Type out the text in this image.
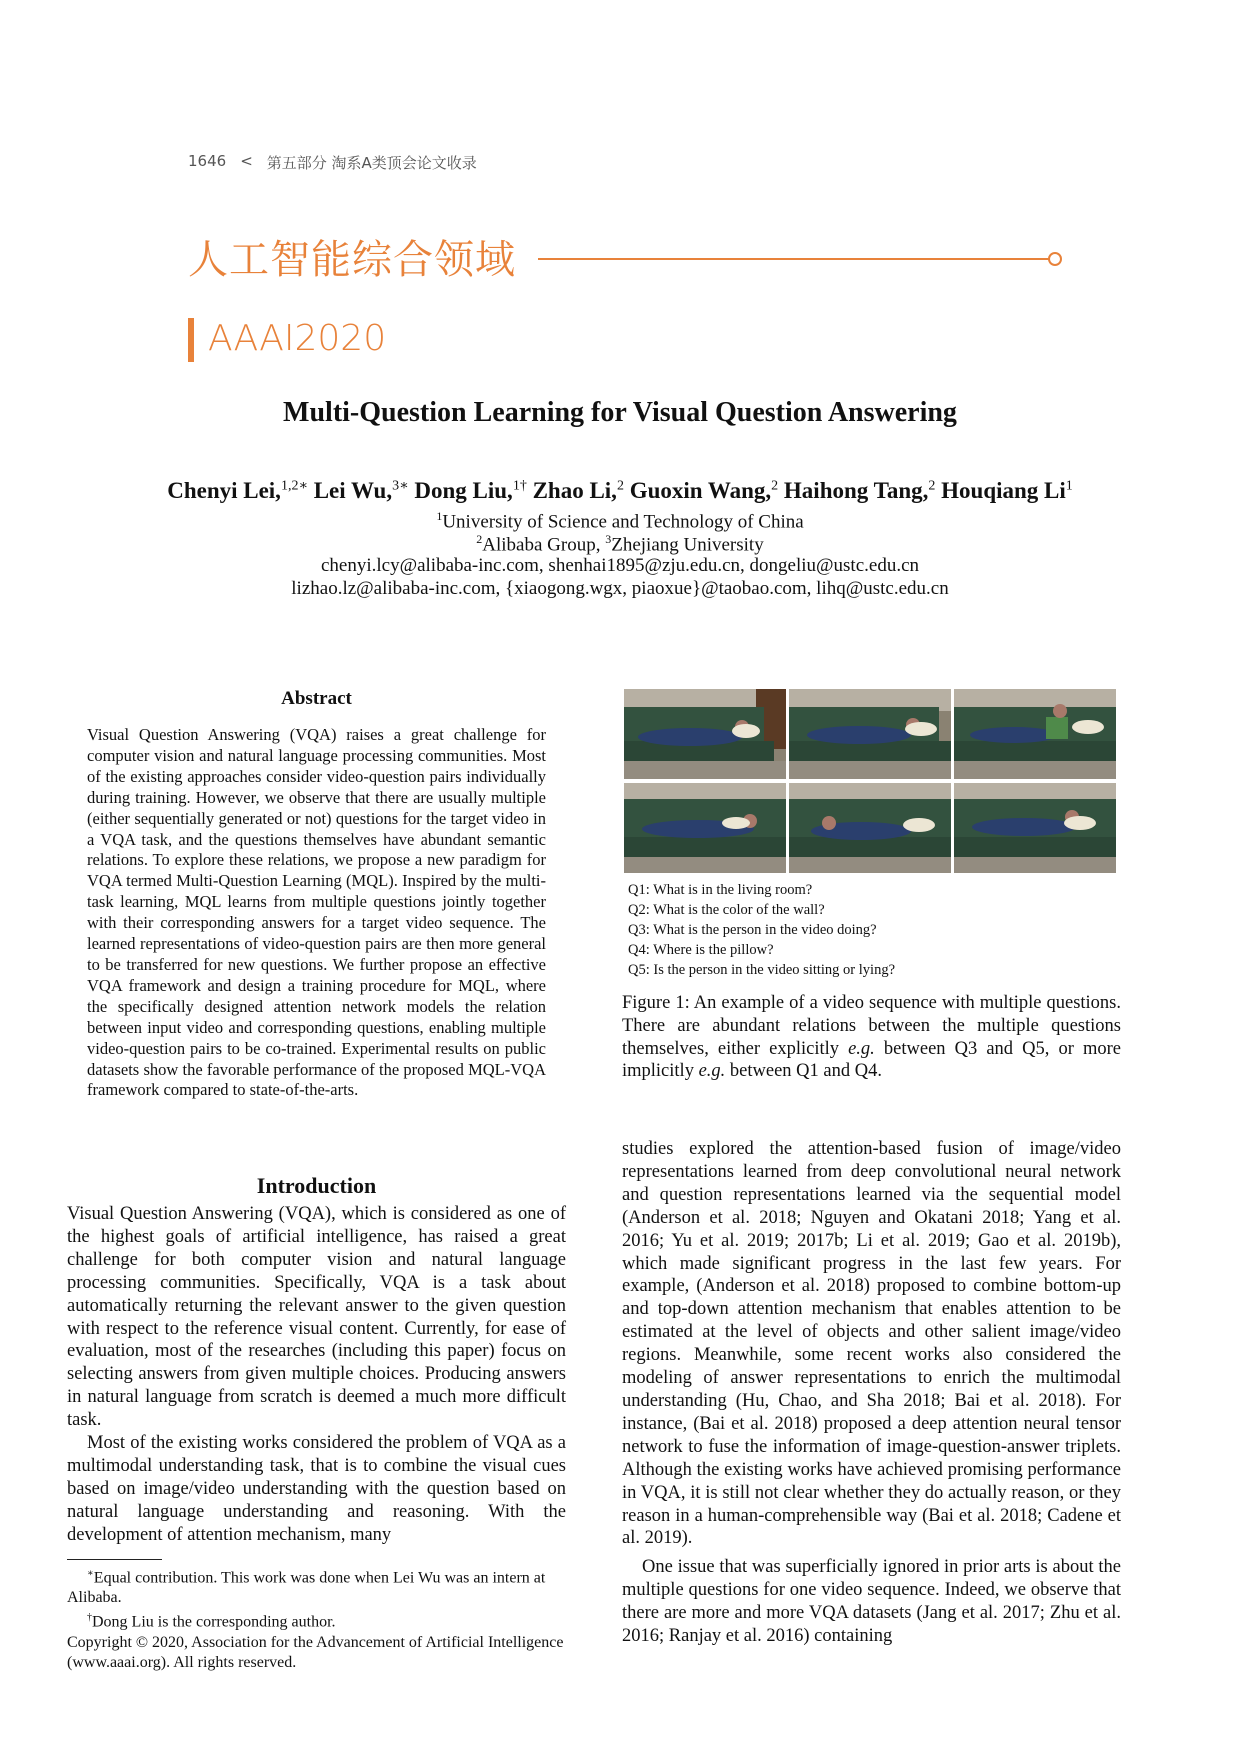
1646 < 第五部分 淘系A类顶会论文收录
人工智能综合领域
AAAI2020
Multi-Question Learning for Visual Question Answering
Chenyi Lei,$^{1,2∗}$ Lei Wu,$^{3∗}$ Dong Liu,$^{1\dagger}$ Zhao Li,$^2$ Guoxin Wang,$^2$ Haihong Tang,$^2$ Houqiang Li$^1$
$^1$University of Science and Technology of China
$^2$Alibaba Group, $^3$Zhejiang University
chenyi.lcy@alibaba-inc.com, shenhai1895@zju.edu.cn, dongeliu@ustc.edu.cn
lizhao.lz@alibaba-inc.com, {xiaogong.wgx, piaoxue}@taobao.com, lihq@ustc.edu.cn
Abstract
Visual Question Answering (VQA) raises a great challenge for computer vision and natural language processing communities. Most of the existing approaches consider video-question pairs individually during training. However, we observe that there are usually multiple (either sequentially generated or not) questions for the target video in a VQA task, and the questions themselves have abundant semantic relations. To explore these relations, we propose a new paradigm for VQA termed Multi-Question Learning (MQL). Inspired by the multi-task learning, MQL learns from multiple questions jointly together with their corresponding answers for a target video sequence. The learned representations of video-question pairs are then more general to be transferred for new questions. We further propose an effective VQA framework and design a training procedure for MQL, where the specifically designed attention network models the relation between input video and corresponding questions, enabling multiple video-question pairs to be co-trained. Experimental results on public datasets show the favorable performance of the proposed MQL-VQA framework compared to state-of-the-arts.
Introduction

Visual Question Answering (VQA), which is considered as one of the highest goals of artificial intelligence, has raised a great challenge for both computer vision and natural language processing communities. Specifically, VQA is a task about automatically returning the relevant answer to the given question with respect to the reference visual content. Currently, for ease of evaluation, most of the researches (including this paper) focus on selecting answers from given multiple choices. Producing answers in natural language from scratch is deemed a much more difficult task.

Most of the existing works considered the problem of VQA as a multimodal understanding task, that is to combine the visual cues based on image/video understanding with the question based on natural language understanding and reasoning. With the development of attention mechanism, many

∗Equal contribution. This work was done when Lei Wu was an intern at Alibaba.
†Dong Liu is the corresponding author.
Copyright © 2020, Association for the Advancement of Artificial Intelligence (www.aaai.org). All rights reserved.
Q1: What is in the living room?
Q2: What is the color of the wall?
Q3: What is the person in the video doing?
Q4: Where is the pillow?
Q5: Is the person in the video sitting or lying?
Figure 1: An example of a video sequence with multiple questions. There are abundant relations between the multiple questions themselves, either explicitly e.g. between Q3 and Q5, or more implicitly e.g. between Q1 and Q4.

studies explored the attention-based fusion of image/video representations learned from deep convolutional neural network and question representations learned via the sequential model (Anderson et al. 2018; Nguyen and Okatani 2018; Yang et al. 2016; Yu et al. 2019; 2017b; Li et al. 2019; Gao et al. 2019b), which made significant progress in the last few years. For example, (Anderson et al. 2018) proposed to combine bottom-up and top-down attention mechanism that enables attention to be estimated at the level of objects and other salient image/video regions. Meanwhile, some recent works also considered the modeling of answer representations to enrich the multimodal understanding (Hu, Chao, and Sha 2018; Bai et al. 2018). For instance, (Bai et al. 2018) proposed a deep attention neural tensor network to fuse the information of image-question-answer triplets. Although the existing works have achieved promising performance in VQA, it is still not clear whether they do actually reason, or they reason in a human-comprehensible way (Bai et al. 2018; Cadene et al. 2019).

One issue that was superficially ignored in prior arts is about the multiple questions for one video sequence. Indeed, we observe that there are more and more VQA datasets (Jang et al. 2017; Zhu et al. 2016; Ranjay et al. 2016) containing
